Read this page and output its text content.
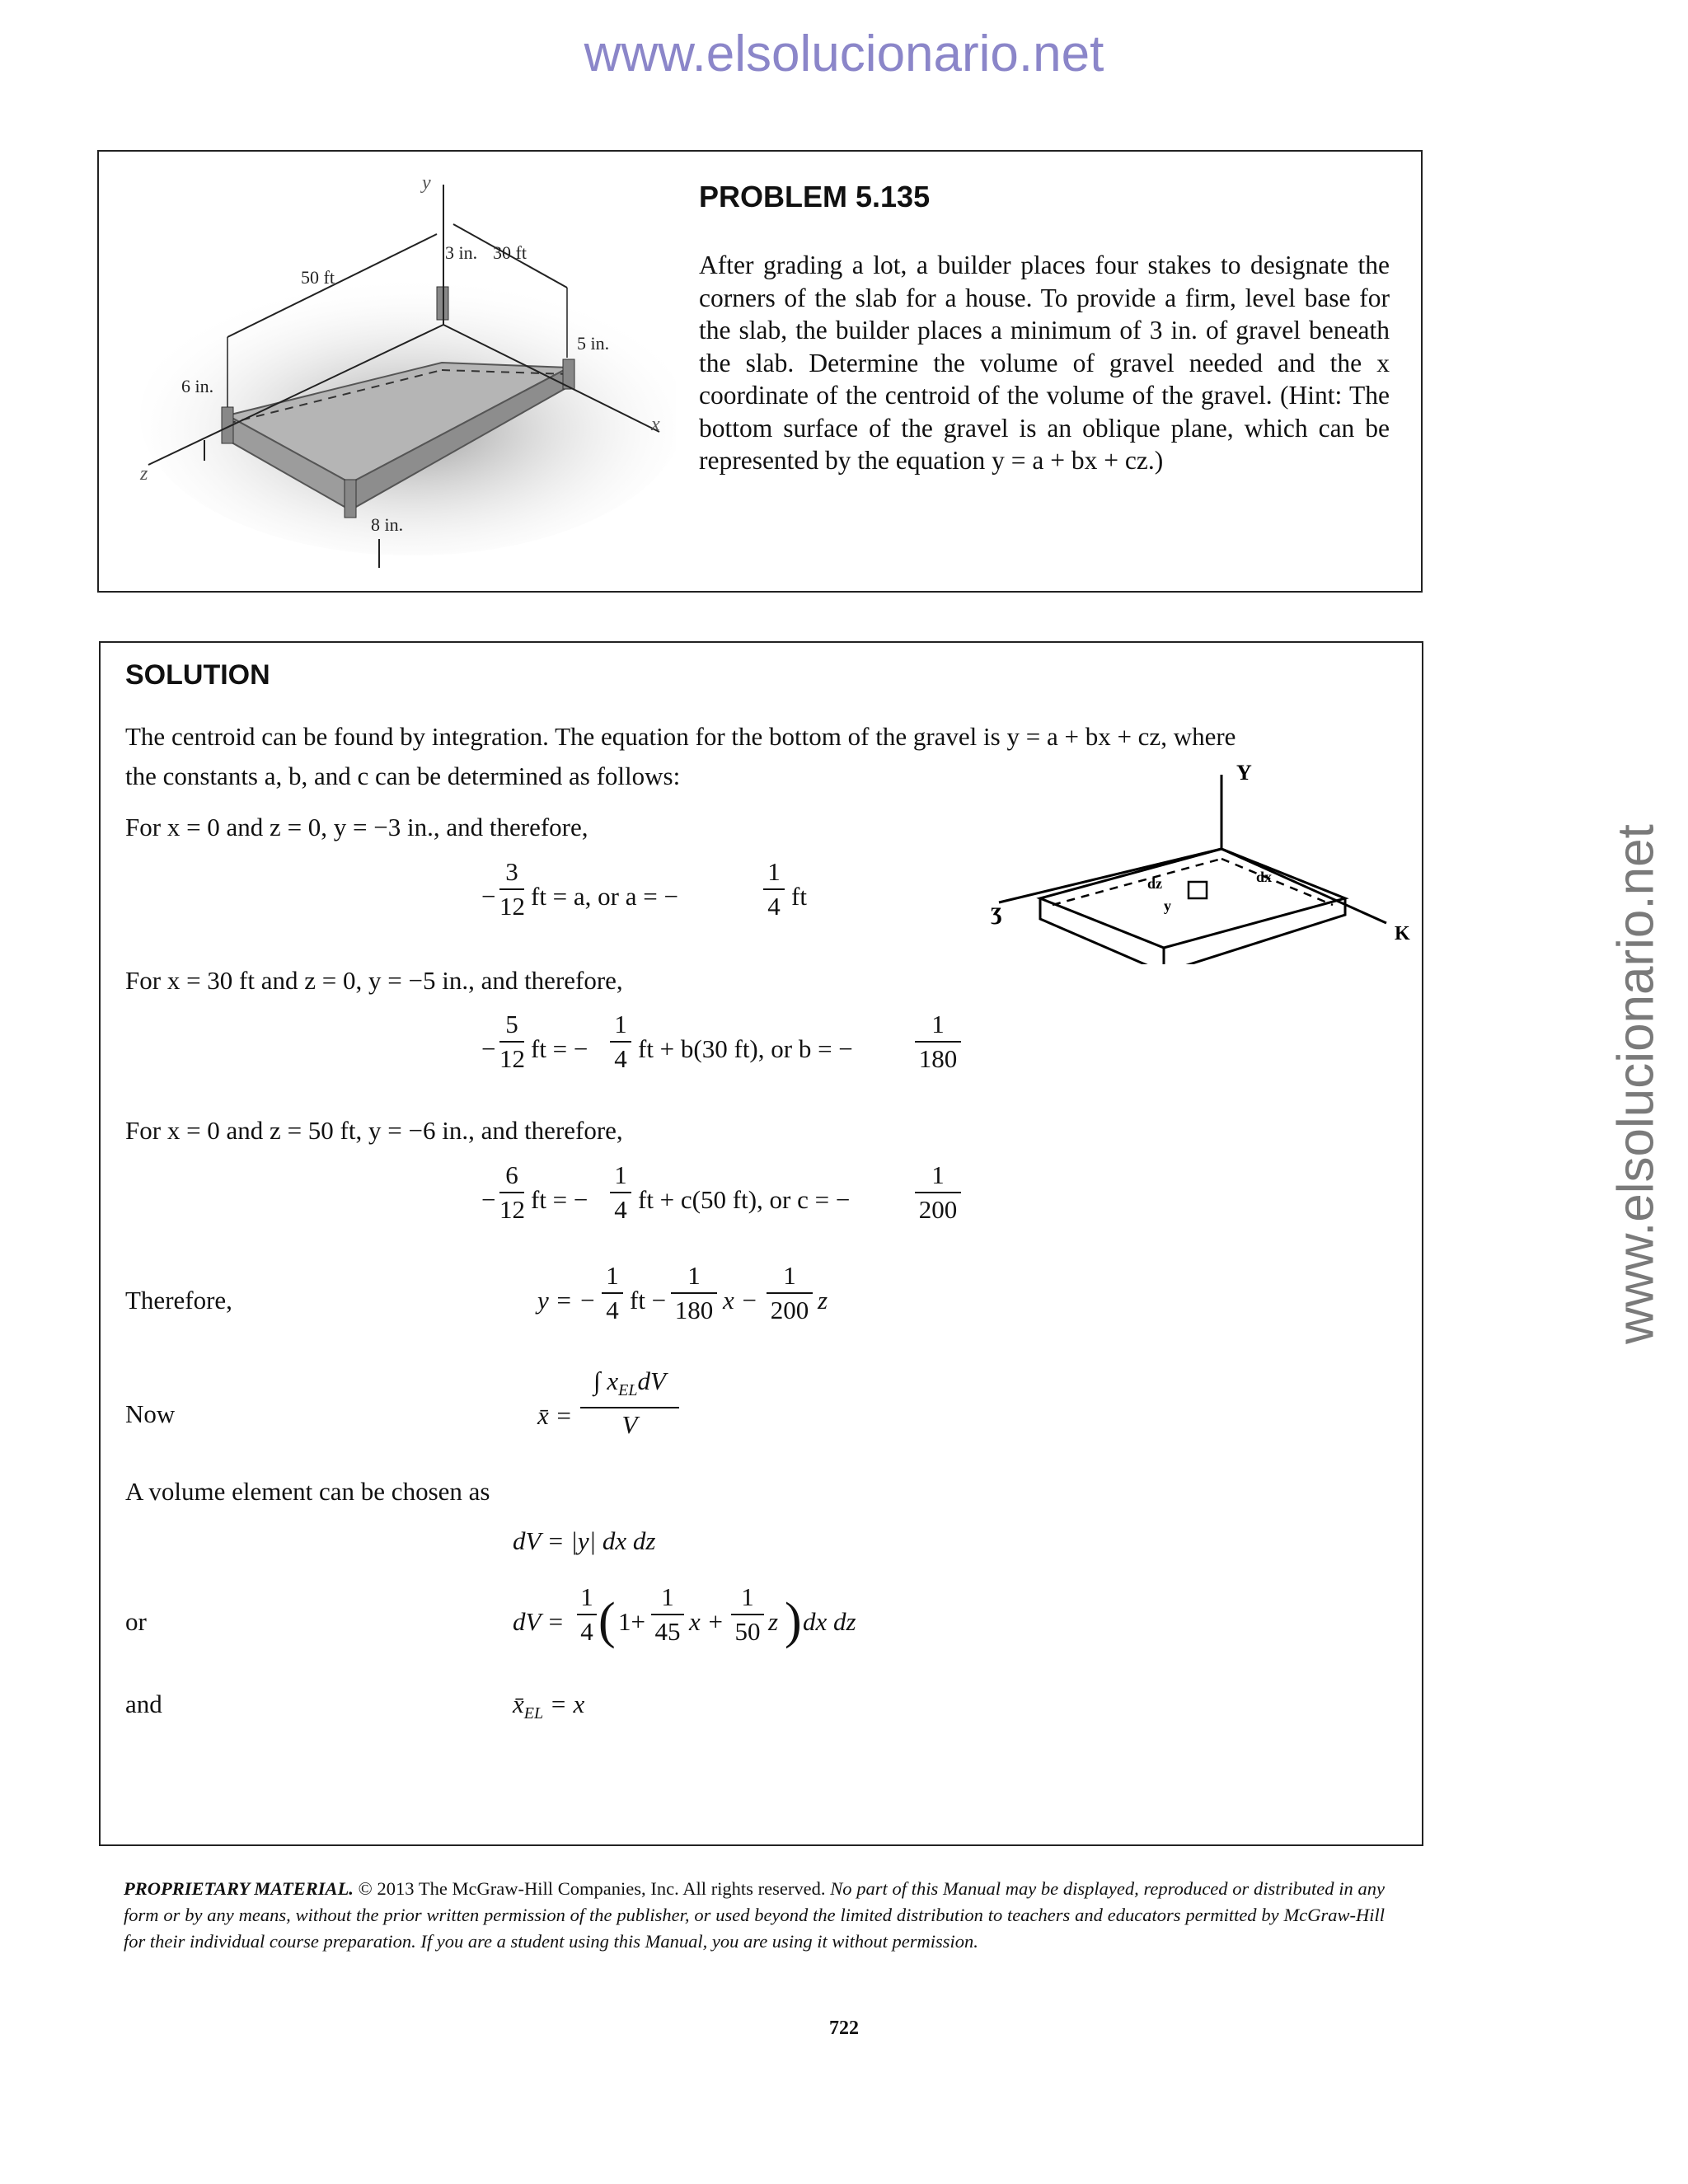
www.elsolucionario.net
www.elsolucionario.net
y
x
z
50 ft
3 in. 30 ft
5 in.
6 in.
8 in.
PROBLEM 5.135
After grading a lot, a builder places four stakes to designate the corners of the slab for a house. To provide a firm, level base for the slab, the builder places a minimum of 3 in. of gravel beneath the slab. Determine the volume of gravel needed and the x coordinate of the centroid of the volume of the gravel. (Hint: The bottom surface of the gravel is an oblique plane, which can be represented by the equation y = a + bx + cz.)
SOLUTION
The centroid can be found by integration. The equation for the bottom of the gravel is y = a + bx + cz, where
the constants a, b, and c can be determined as follows:	Y
K
ʒ
dz	dx
y
For x = 0 and z = 0, y = −3 in., and therefore,
−
3
12 ft = a, or a = −
1
4 ft
For x = 30 ft and z = 0, y = −5 in., and therefore,
−
5
12 ft = −
1
4 ft + b(30 ft), or b = −
1
180
For x = 0 and z = 50 ft, y = −6 in., and therefore,
−
6
12 ft = −
1
4 ft + c(50 ft), or c = −
1
200
Therefore,	y = −
1
4 ft −
1
180 x −
1
200 z
Now	x̄ =
∫ $x_{EL}dV$
V
A volume element can be chosen as
dV = |y| dx dz
or	dV =
1
4 ( 1+
1
45 x +
1
50 z ) dx dz
and	$x̄_{EL} = x$
PROPRIETARY MATERIAL. © 2013 The McGraw-Hill Companies, Inc. All rights reserved. No part of this Manual may be displayed, reproduced or distributed in any form or by any means, without the prior written permission of the publisher, or used beyond the limited distribution to teachers and educators permitted by McGraw-Hill for their individual course preparation. If you are a student using this Manual, you are using it without permission.
722
